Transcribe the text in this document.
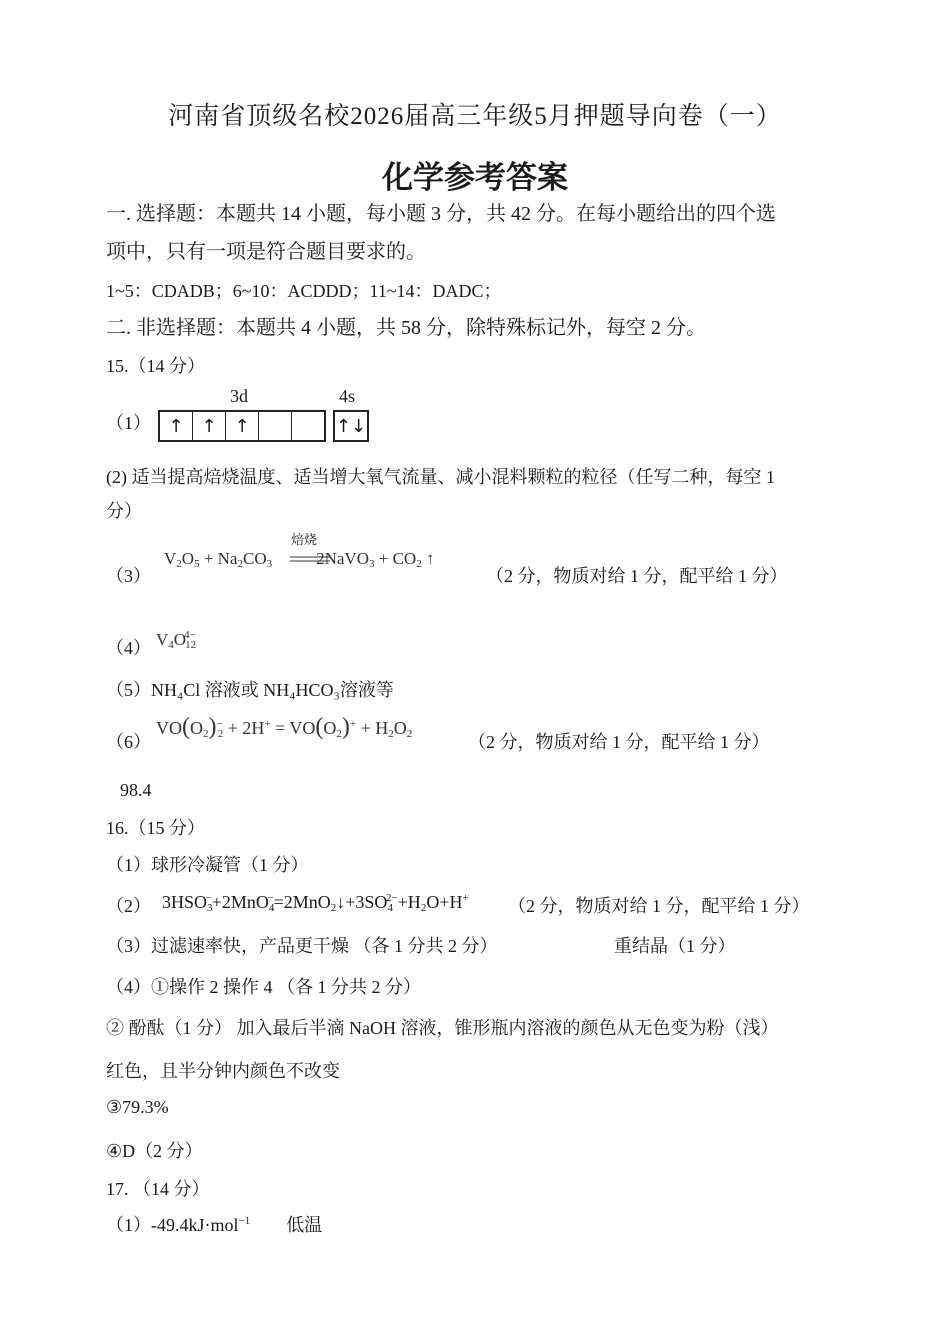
河南省顶级名校2026届高三年级5月押题导向卷（一）
化学参考答案
一. 选择题：本题共 14 小题，每小题 3 分，共 42 分。在每小题给出的四个选
项中，只有一项是符合题目要求的。
1~5：CDADB；6~10：ACDDD；11~14：DADC；
二. 非选择题：本题共 4 小题，共 58 分，除特殊标记外，每空 2 分。
15.（14 分）
（1）
3d
↑ ↑ ↑
4s
↑↓
(2) 适当提高焙烧温度、适当增大氧气流量、减小混料颗粒的粒径（任写二种，每空 1
分）
（3）
焙烧
$V_2O_5 + Na_2CO_3$	2NaVO$_3$ + $CO_2$ ↑
（2 分，物质对给 1 分，配平给 1 分）
（4） $V_4O_{12}^{4-}$
（5）NH₄Cl 溶液或 NH₄HCO₃溶液等
（6）
$VO(O_2)^-_2 + 2H^+ = VO(O_2)^+ + H_2O_2$	（2 分，物质对给 1 分，配平给 1 分）
98.4
16.（15 分）
（1）球形冷凝管（1 分）
（2） $3HSO_3^-+2MnO_4^-=2MnO_2↓+3SO_4^{2-}+H_2O+H^+$ （2 分，物质对给 1 分，配平给 1 分）
（3）过滤速率快，产品更干燥 （各 1 分共 2 分）	重结晶（1 分）
（4）①操作 2 操作 4 （各 1 分共 2 分）
② 酚酞（1 分） 加入最后半滴 NaOH 溶液，锥形瓶内溶液的颜色从无色变为粉（浅）
红色，且半分钟内颜色不改变
③79.3%
④D（2 分）
17. （14 分）
（1）-49.4kJ·mol$^{-1}$ 低温
